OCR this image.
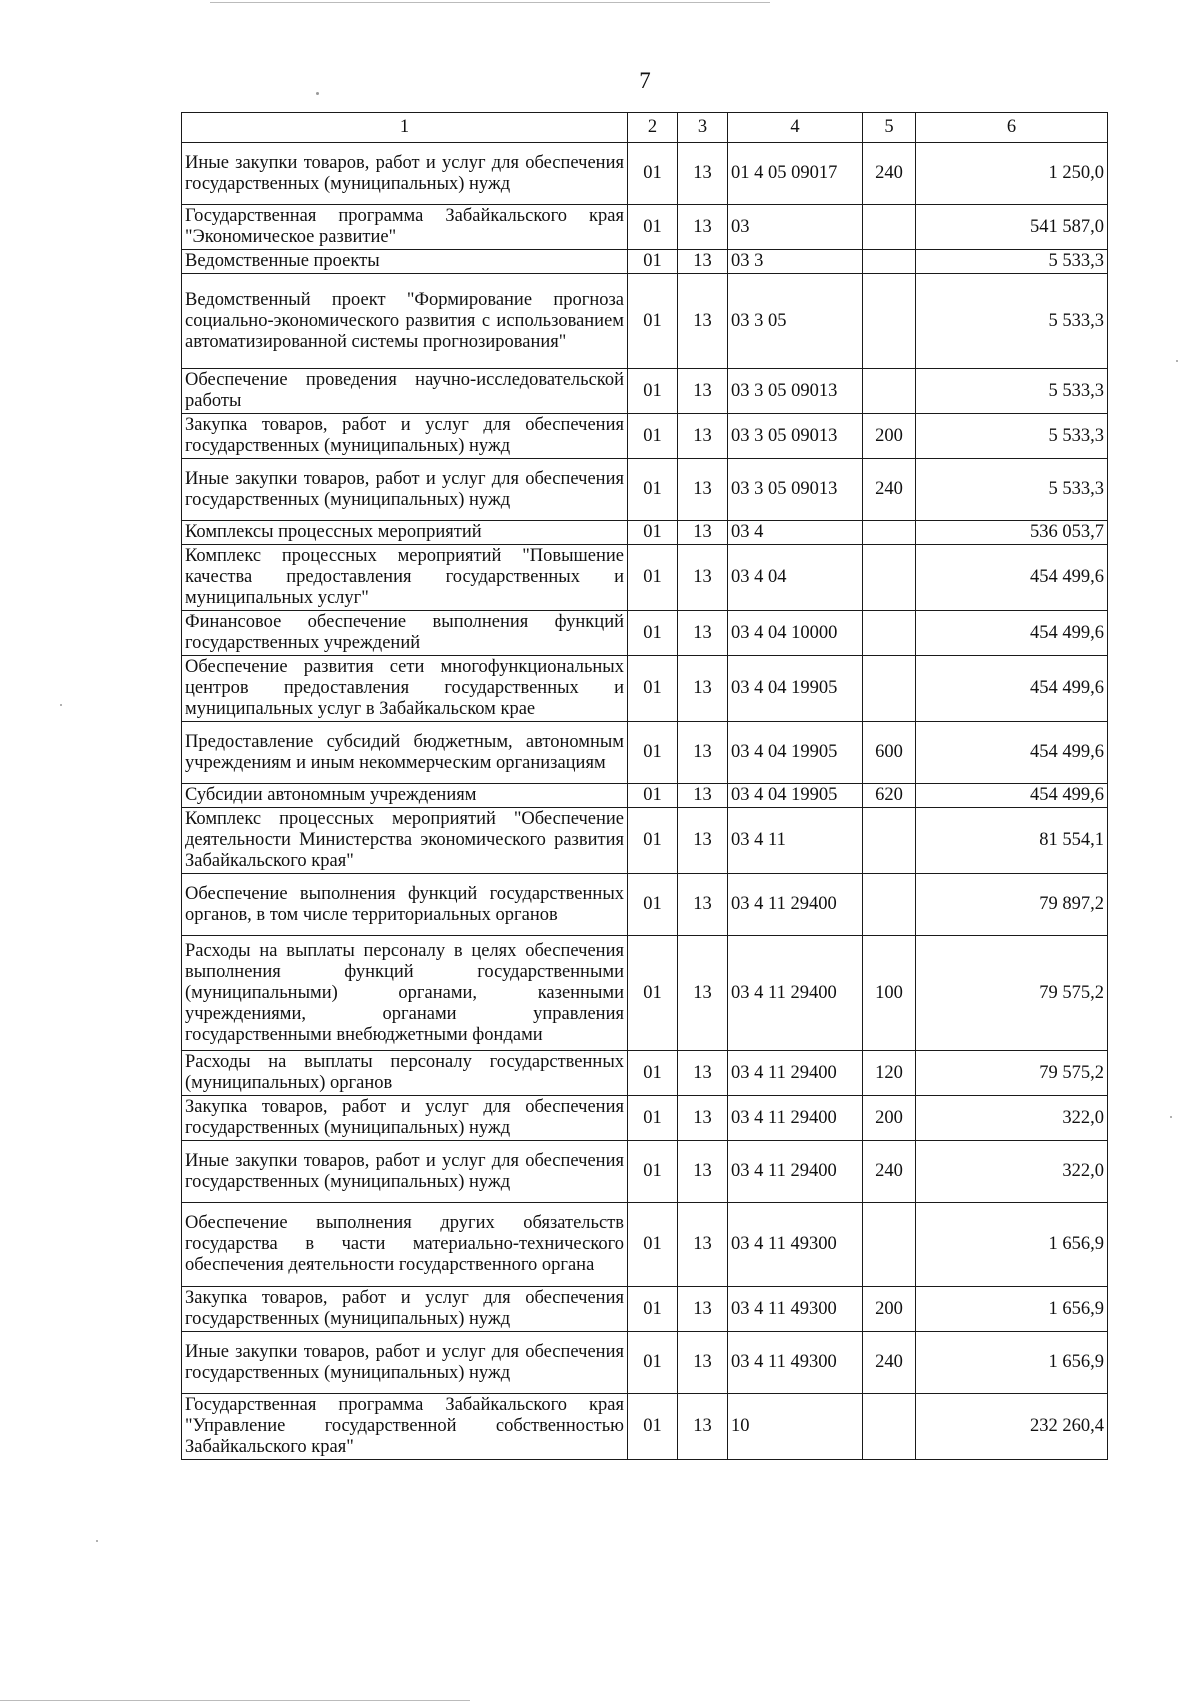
7
1	2	3	4	5	6
Иные закупки товаров, работ и услуг для обеспечения государственных (муниципальных) нужд	01	13	01 4 05 09017	240	1 250,0
Государственная программа Забайкальского края "Экономическое развитие"	01	13	03		541 587,0
Ведомственные проекты	01	13	03 3		5 533,3
Ведомственный проект "Формирование прогноза социально-экономического развития с использованием автоматизированной системы прогнозирования"	01	13	03 3 05		5 533,3
Обеспечение проведения научно-исследовательской работы	01	13	03 3 05 09013		5 533,3
Закупка товаров, работ и услуг для обеспечения государственных (муниципальных) нужд	01	13	03 3 05 09013	200	5 533,3
Иные закупки товаров, работ и услуг для обеспечения государственных (муниципальных) нужд	01	13	03 3 05 09013	240	5 533,3
Комплексы процессных мероприятий	01	13	03 4		536 053,7
Комплекс процессных мероприятий "Повышение качества предоставления государственных и муниципальных услуг"	01	13	03 4 04		454 499,6
Финансовое обеспечение выполнения функций государственных учреждений	01	13	03 4 04 10000		454 499,6
Обеспечение развития сети многофункциональных центров предоставления государственных и муниципальных услуг в Забайкальском крае	01	13	03 4 04 19905		454 499,6
Предоставление субсидий бюджетным, автономным учреждениям и иным некоммерческим организациям	01	13	03 4 04 19905	600	454 499,6
Субсидии автономным учреждениям	01	13	03 4 04 19905	620	454 499,6
Комплекс процессных мероприятий "Обеспечение деятельности Министерства экономического развития Забайкальского края"	01	13	03 4 11		81 554,1
Обеспечение выполнения функций государственных органов, в том числе территориальных органов	01	13	03 4 11 29400		79 897,2
Расходы на выплаты персоналу в целях обеспечения выполнения функций государственными (муниципальными) органами, казенными учреждениями, органами управления государственными внебюджетными фондами	01	13	03 4 11 29400	100	79 575,2
Расходы на выплаты персоналу государственных (муниципальных) органов	01	13	03 4 11 29400	120	79 575,2
Закупка товаров, работ и услуг для обеспечения государственных (муниципальных) нужд	01	13	03 4 11 29400	200	322,0
Иные закупки товаров, работ и услуг для обеспечения государственных (муниципальных) нужд	01	13	03 4 11 29400	240	322,0
Обеспечение выполнения других обязательств государства в части материально-технического обеспечения деятельности государственного органа	01	13	03 4 11 49300		1 656,9
Закупка товаров, работ и услуг для обеспечения государственных (муниципальных) нужд	01	13	03 4 11 49300	200	1 656,9
Иные закупки товаров, работ и услуг для обеспечения государственных (муниципальных) нужд	01	13	03 4 11 49300	240	1 656,9
Государственная программа Забайкальского края "Управление государственной собственностью Забайкальского края"	01	13	10		232 260,4
